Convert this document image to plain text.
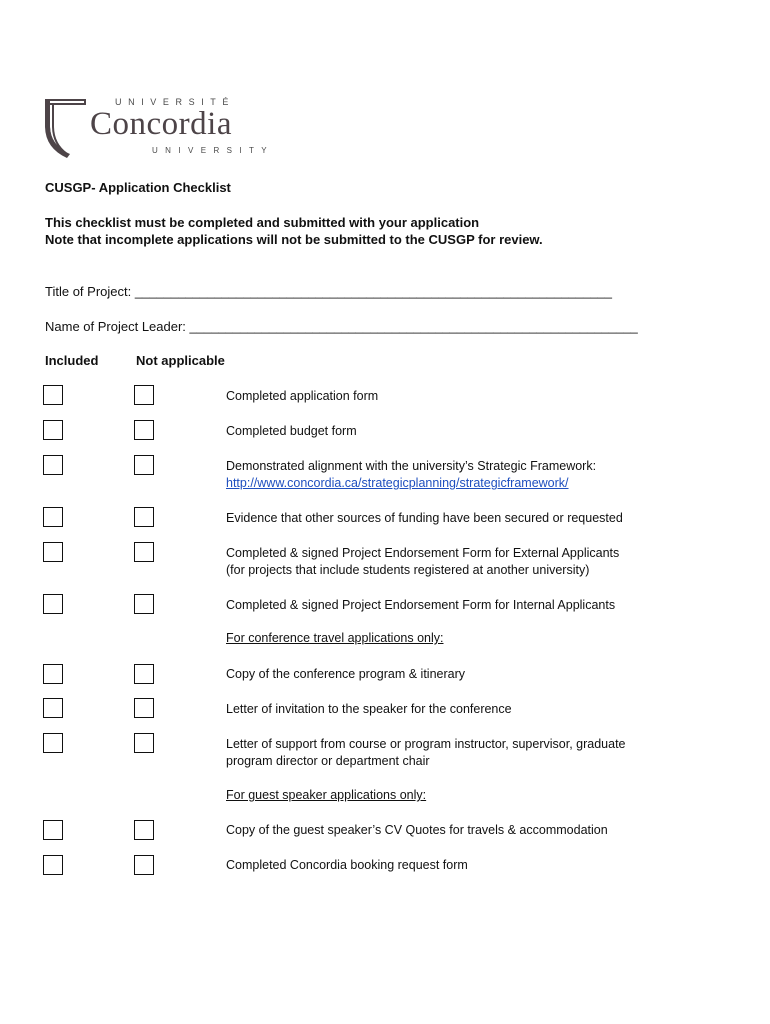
UNIVERSITÉ
Concordia
UNIVERSITY
CUSGP- Application Checklist
This checklist must be completed and submitted with your application
Note that incomplete applications will not be submitted to the CUSGP for review.
Title of Project: __________________________________________________________________
Name of Project Leader: ______________________________________________________________
Included	Not applicable
Completed application form
Completed budget form
Demonstrated alignment with the university’s Strategic Framework:
http://www.concordia.ca/strategicplanning/strategicframework/
Evidence that other sources of funding have been secured or requested
Completed & signed Project Endorsement Form for External Applicants
(for projects that include students registered at another university)
Completed & signed Project Endorsement Form for Internal Applicants
For conference travel applications only:
Copy of the conference program & itinerary
Letter of invitation to the speaker for the conference
Letter of support from course or program instructor, supervisor, graduate
program director or department chair
For guest speaker applications only:
Copy of the guest speaker’s CV Quotes for travels & accommodation
Completed Concordia booking request form
